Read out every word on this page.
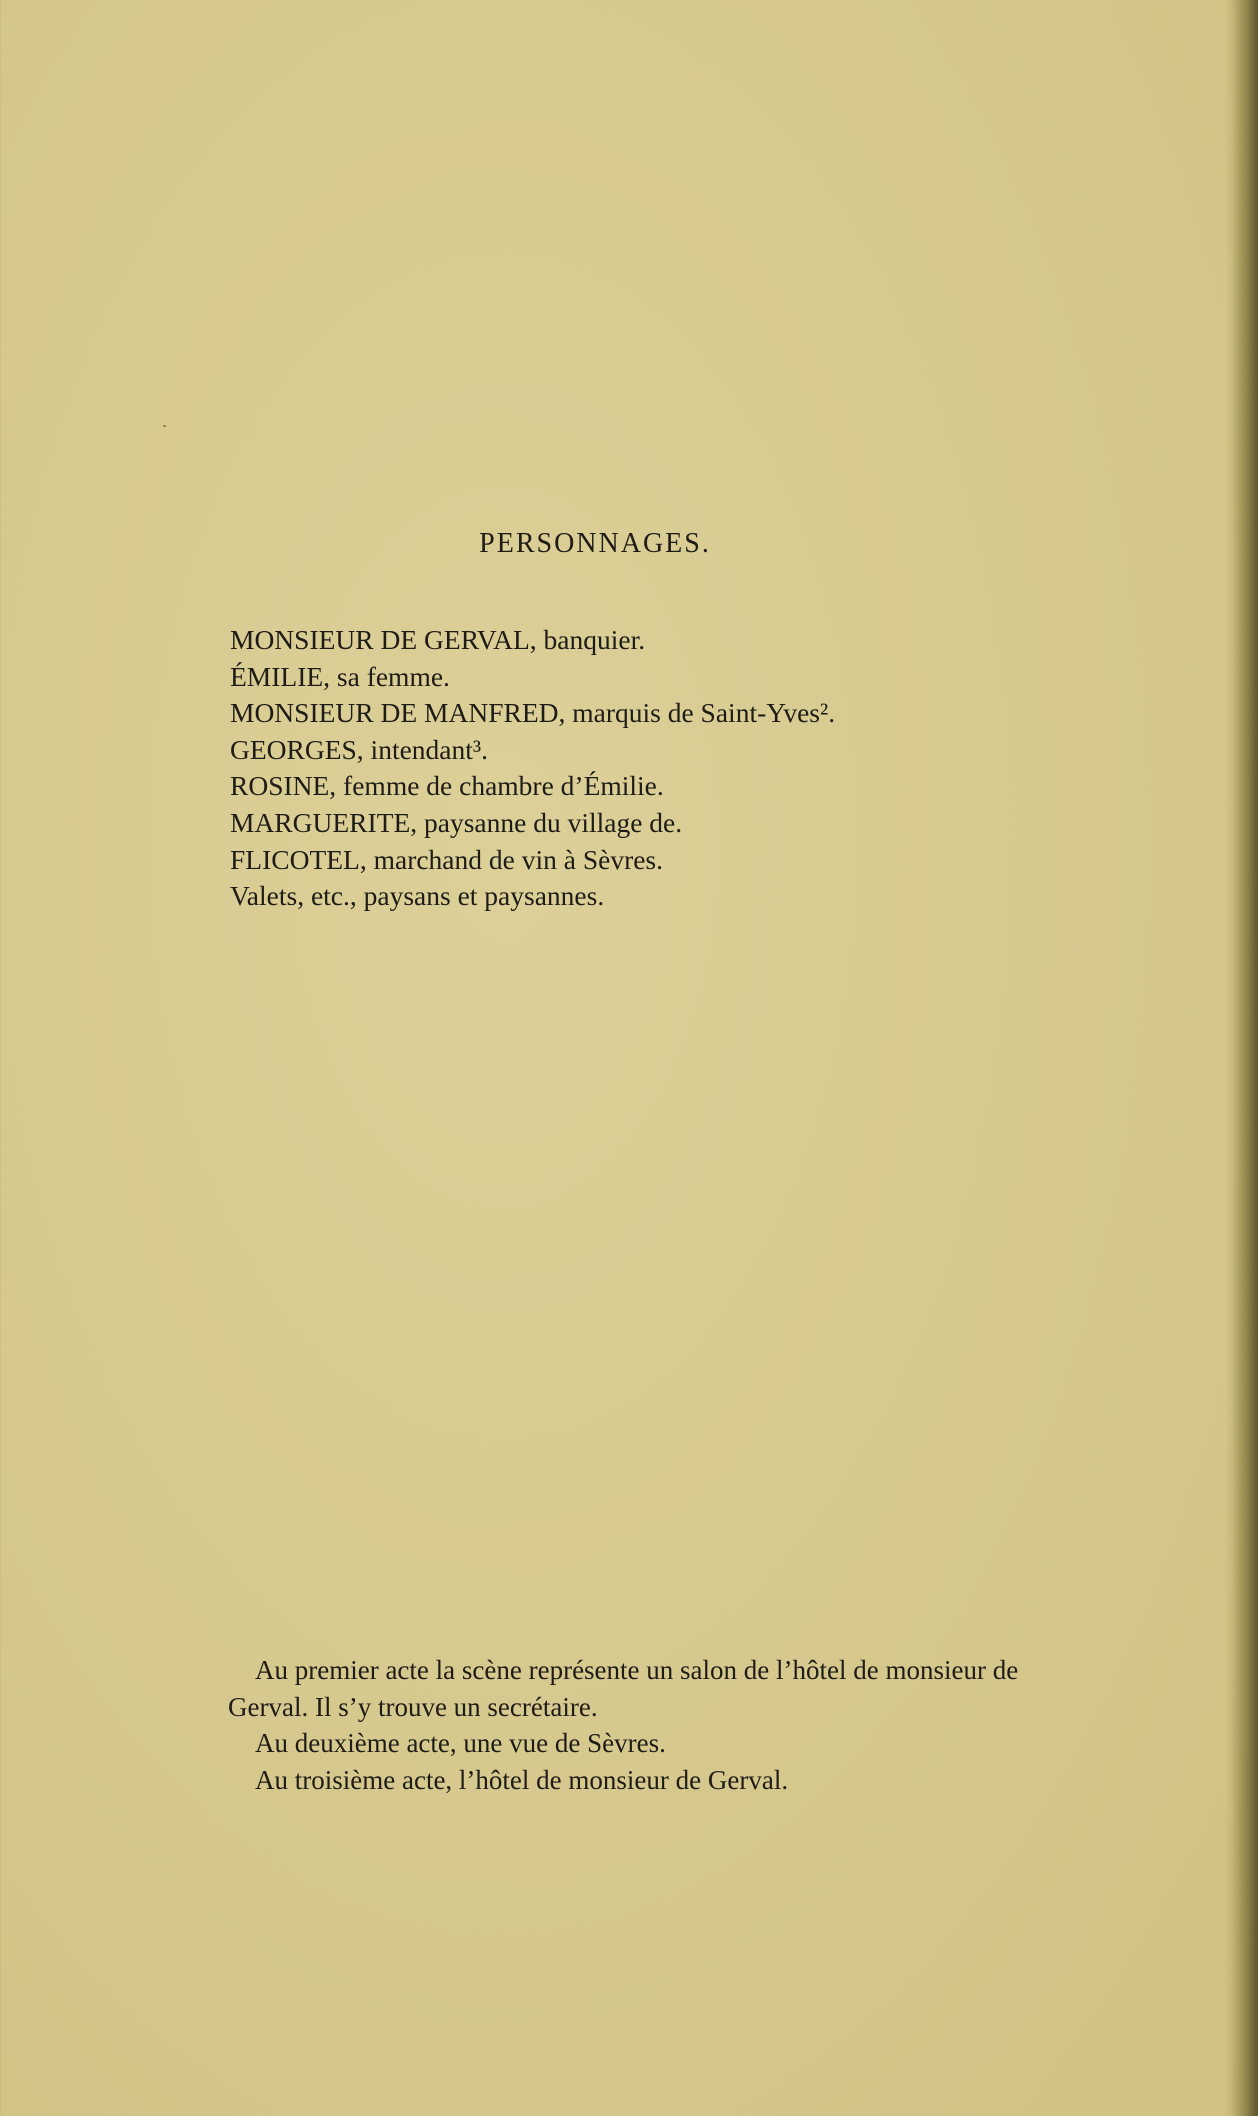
PERSONNAGES.
MONSIEUR DE GERVAL, banquier.
ÉMILIE, sa femme.
MONSIEUR DE MANFRED, marquis de Saint-Yves².
GEORGES, intendant³.
ROSINE, femme de chambre d’Émilie.
MARGUERITE, paysanne du village de.
FLICOTEL, marchand de vin à Sèvres.
Valets, etc., paysans et paysannes.

Au premier acte la scène représente un salon de l’hôtel de monsieur de

Gerval. Il s’y trouve un secrétaire.

Au deuxième acte, une vue de Sèvres.

Au troisième acte, l’hôtel de monsieur de Gerval.
